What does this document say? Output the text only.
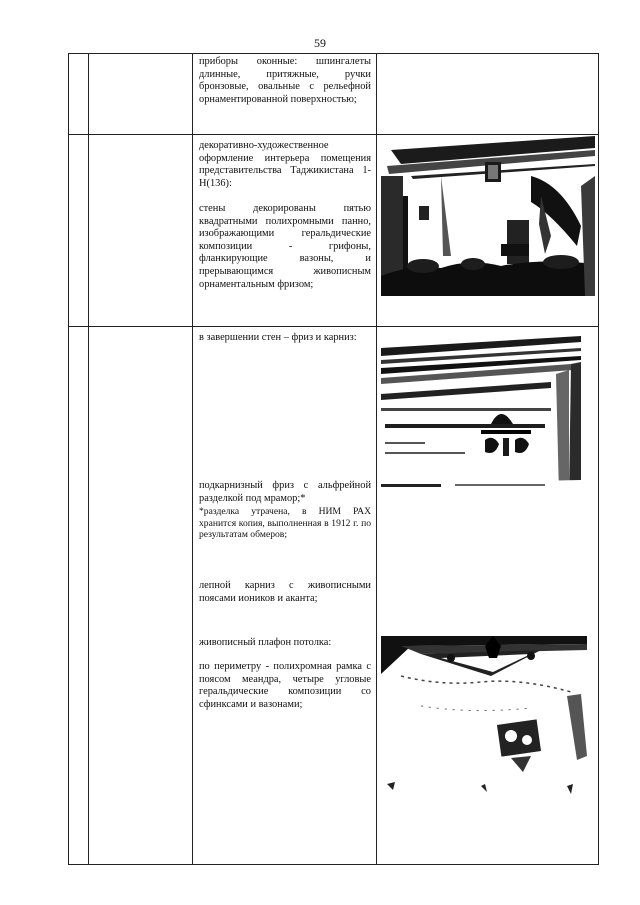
59
приборы оконные: шпингалеты длинные, притяжные, ручки бронзовые, овальные с рельефной орнаментированной поверхностью;
декоративно-художественное оформление интерьера помещения представительства Таджикистана 1-Н(136):
стены декорированы пятью квадратными полихромными панно, изображающими геральдические композиции - грифоны, фланкирующие вазоны, и прерывающимся живописным орнаментальным фризом;
в завершении стен – фриз и карниз:
подкарнизный фриз с альфрейной разделкой под мрамор;*
*разделка утрачена, в НИМ РАХ хранится копия, выполненная в 1912 г. по результатам обмеров;
лепной карниз с живописными поясами иоников и аканта;
живописный плафон потолка:
по периметру - полихромная рамка с поясом меандра, четыре угловые геральдические композиции со сфинксами и вазонами;
